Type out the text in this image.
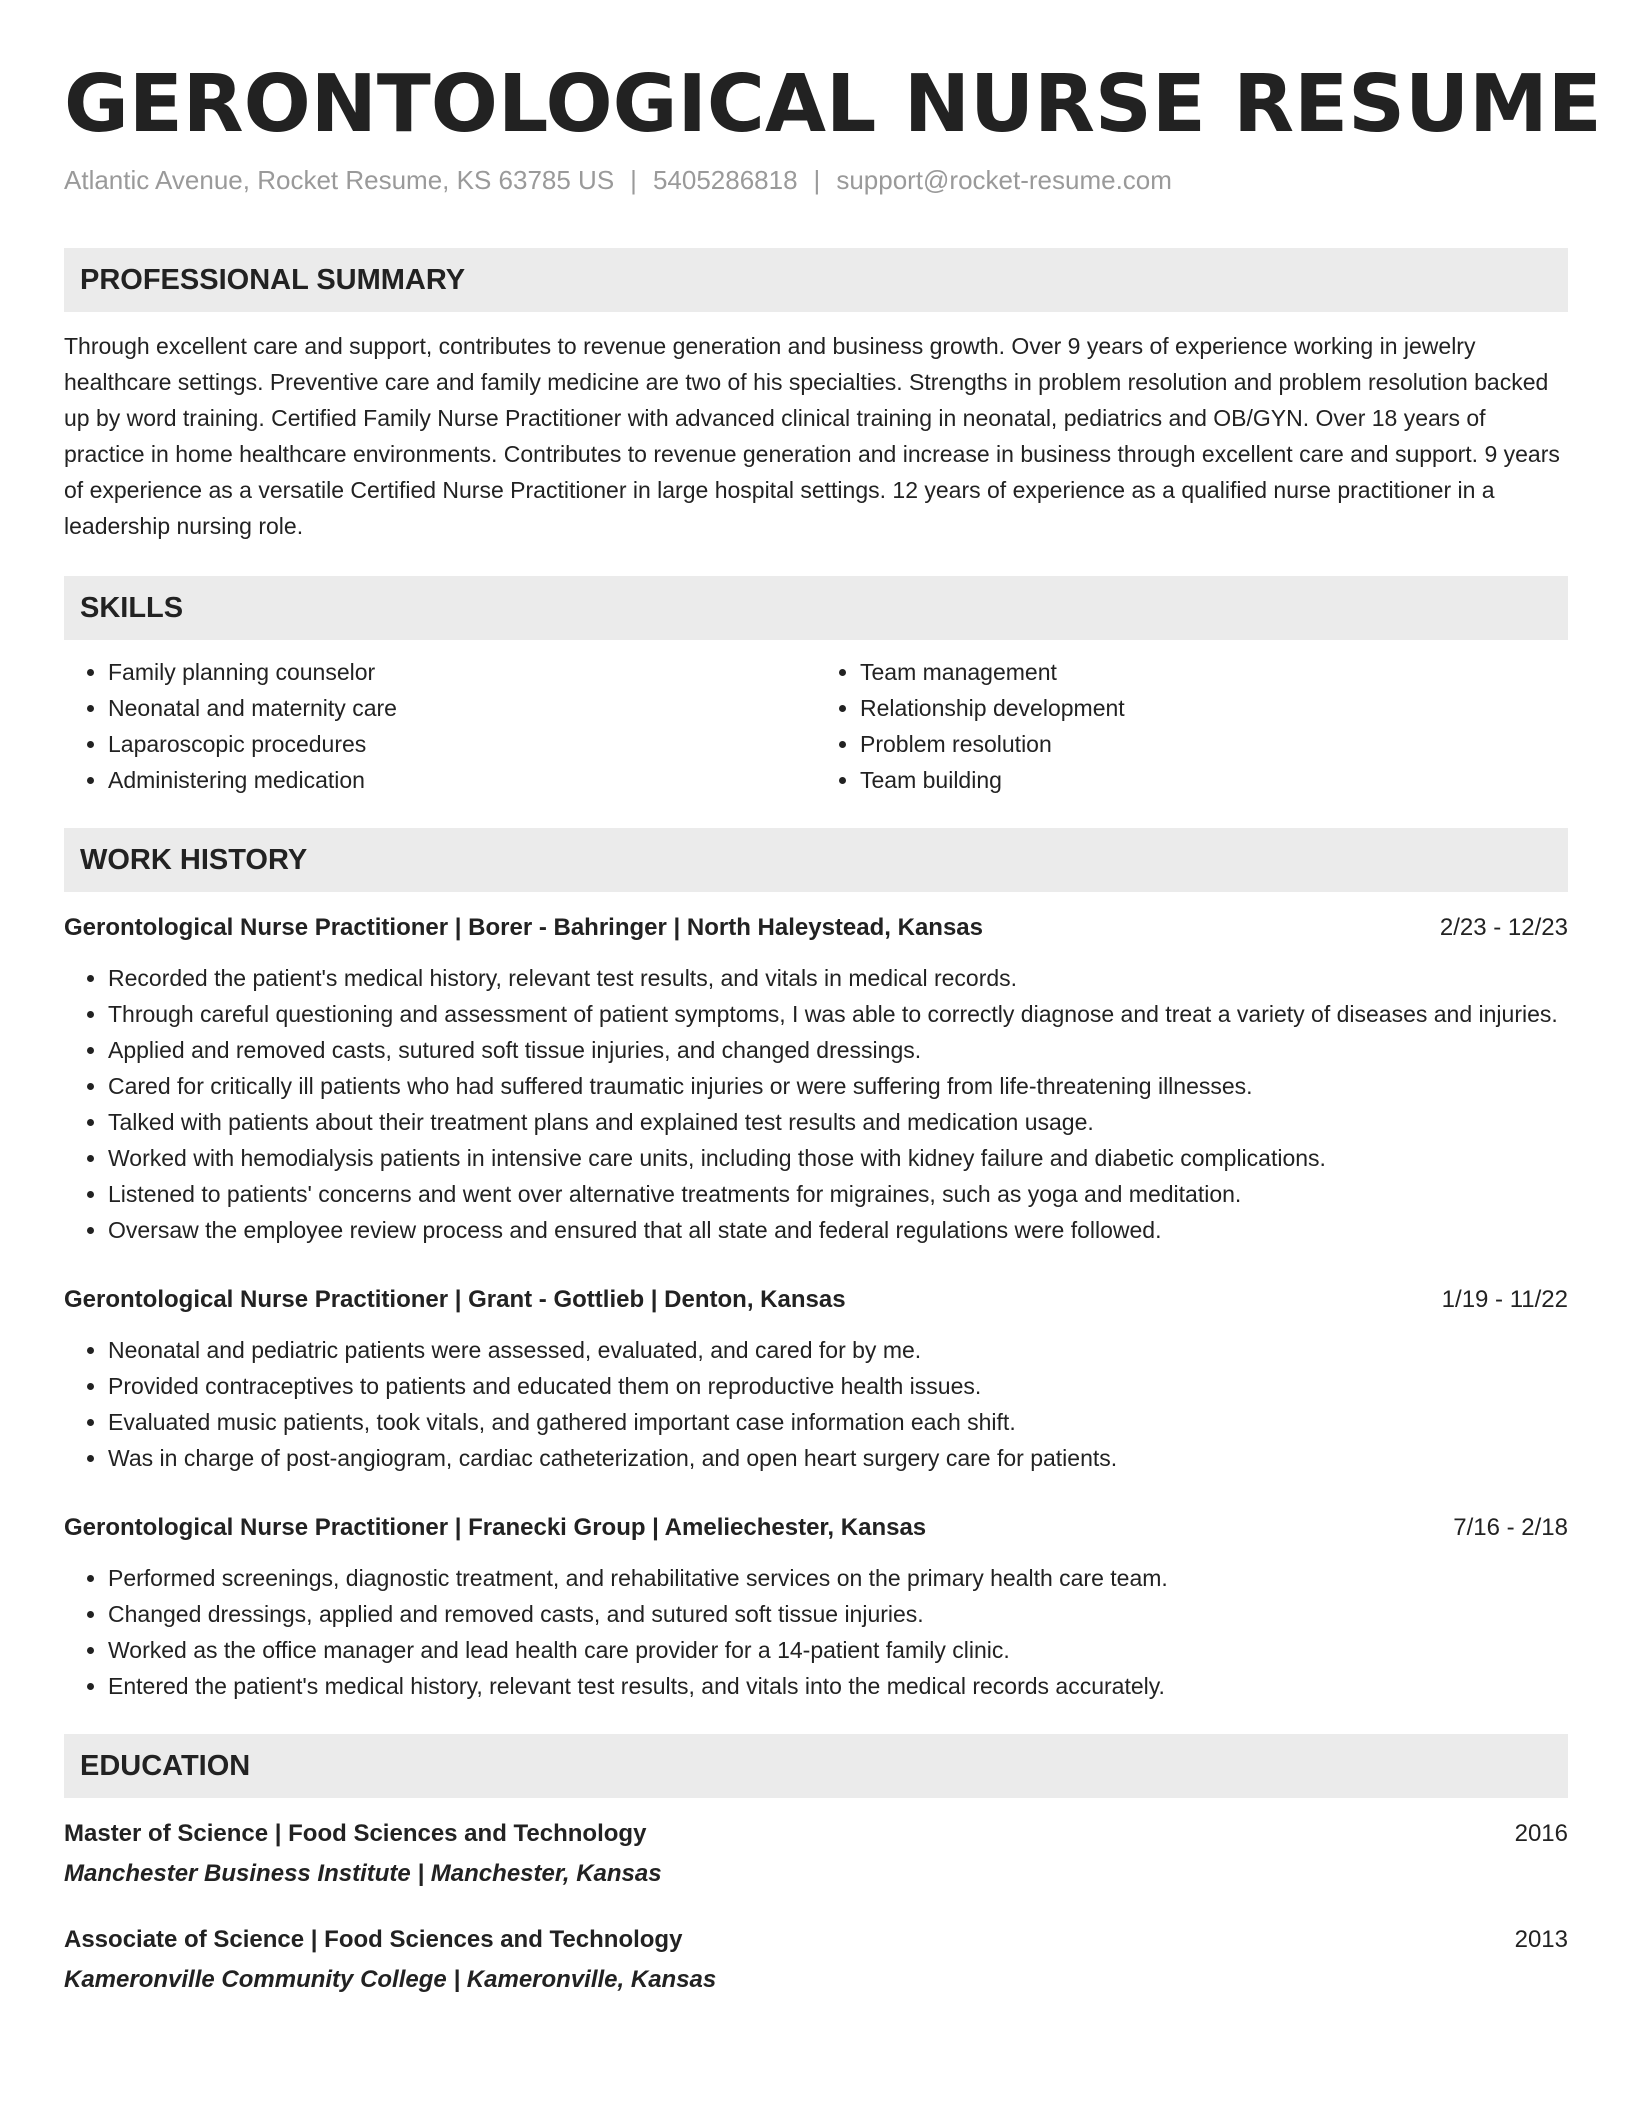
GERONTOLOGICAL NURSE RESUME
Atlantic Avenue, Rocket Resume, KS 63785 US | 5405286818 | support@rocket-resume.com
PROFESSIONAL SUMMARY
Through excellent care and support, contributes to revenue generation and business growth. Over 9 years of experience working in jewelry healthcare settings. Preventive care and family medicine are two of his specialties. Strengths in problem resolution and problem resolution backed up by word training. Certified Family Nurse Practitioner with advanced clinical training in neonatal, pediatrics and OB/GYN. Over 18 years of practice in home healthcare environments. Contributes to revenue generation and increase in business through excellent care and support. 9 years of experience as a versatile Certified Nurse Practitioner in large hospital settings. 12 years of experience as a qualified nurse practitioner in a leadership nursing role.
SKILLS
• Family planning counselor
• Neonatal and maternity care
• Laparoscopic procedures
• Administering medication
• Team management
• Relationship development
• Problem resolution
• Team building
WORK HISTORY
Gerontological Nurse Practitioner | Borer - Bahringer | North Haleystead, Kansas	2/23 - 12/23
• Recorded the patient's medical history, relevant test results, and vitals in medical records.
• Through careful questioning and assessment of patient symptoms, I was able to correctly diagnose and treat a variety of diseases and injuries.
• Applied and removed casts, sutured soft tissue injuries, and changed dressings.
• Cared for critically ill patients who had suffered traumatic injuries or were suffering from life-threatening illnesses.
• Talked with patients about their treatment plans and explained test results and medication usage.
• Worked with hemodialysis patients in intensive care units, including those with kidney failure and diabetic complications.
• Listened to patients' concerns and went over alternative treatments for migraines, such as yoga and meditation.
• Oversaw the employee review process and ensured that all state and federal regulations were followed.
Gerontological Nurse Practitioner | Grant - Gottlieb | Denton, Kansas	1/19 - 11/22
• Neonatal and pediatric patients were assessed, evaluated, and cared for by me.
• Provided contraceptives to patients and educated them on reproductive health issues.
• Evaluated music patients, took vitals, and gathered important case information each shift.
• Was in charge of post-angiogram, cardiac catheterization, and open heart surgery care for patients.
Gerontological Nurse Practitioner | Franecki Group | Ameliechester, Kansas	7/16 - 2/18
• Performed screenings, diagnostic treatment, and rehabilitative services on the primary health care team.
• Changed dressings, applied and removed casts, and sutured soft tissue injuries.
• Worked as the office manager and lead health care provider for a 14-patient family clinic.
• Entered the patient's medical history, relevant test results, and vitals into the medical records accurately.
EDUCATION
Master of Science | Food Sciences and Technology	2016
Manchester Business Institute | Manchester, Kansas
Associate of Science | Food Sciences and Technology	2013
Kameronville Community College | Kameronville, Kansas
